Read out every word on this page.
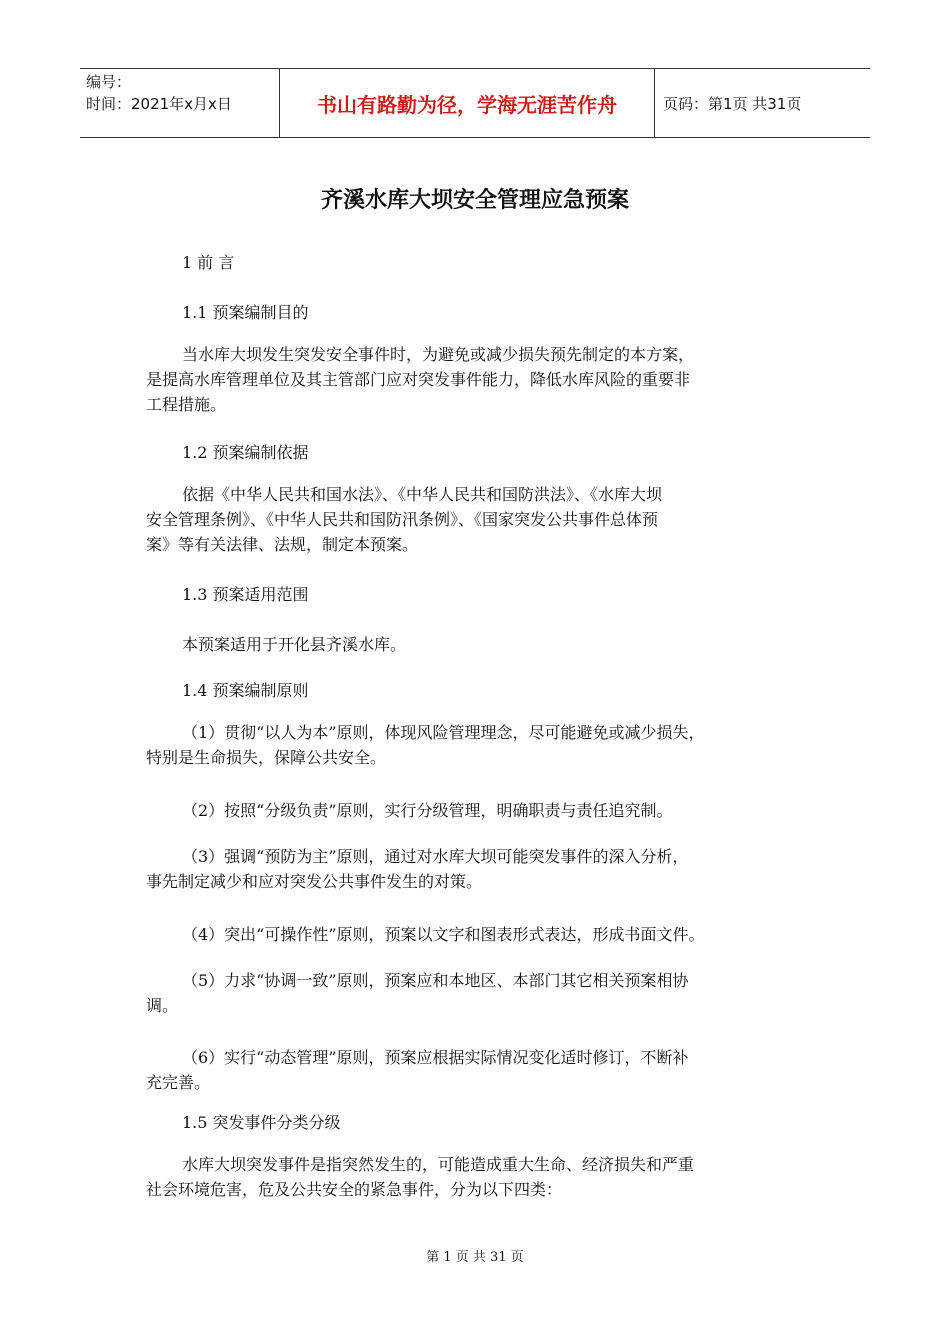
编号：
时间：2021年x月x日	书山有路勤为径，学海无涯苦作舟	页码：第1页 共31页
齐溪水库大坝安全管理应急预案
1 前 言
1.1 预案编制目的
当水库大坝发生突发安全事件时，为避免或减少损失预先制定的本方案，
是提高水库管理单位及其主管部门应对突发事件能力，降低水库风险的重要非
工程措施。
1.2 预案编制依据
依据《中华人民共和国水法》、《中华人民共和国防洪法》、《水库大坝
安全管理条例》、《中华人民共和国防汛条例》、《国家突发公共事件总体预
案》等有关法律、法规，制定本预案。
1.3 预案适用范围
本预案适用于开化县齐溪水库。
1.4 预案编制原则
（1）贯彻“以人为本”原则，体现风险管理理念，尽可能避免或减少损失，
特别是生命损失，保障公共安全。
（2）按照“分级负责”原则，实行分级管理，明确职责与责任追究制。
（3）强调“预防为主”原则，通过对水库大坝可能突发事件的深入分析，
事先制定减少和应对突发公共事件发生的对策。
（4）突出“可操作性”原则，预案以文字和图表形式表达，形成书面文件。
（5）力求“协调一致”原则，预案应和本地区、本部门其它相关预案相协
调。
（6）实行“动态管理”原则，预案应根据实际情况变化适时修订，不断补
充完善。
1.5 突发事件分类分级
水库大坝突发事件是指突然发生的，可能造成重大生命、经济损失和严重
社会环境危害，危及公共安全的紧急事件，分为以下四类：
第 1 页 共 31 页
